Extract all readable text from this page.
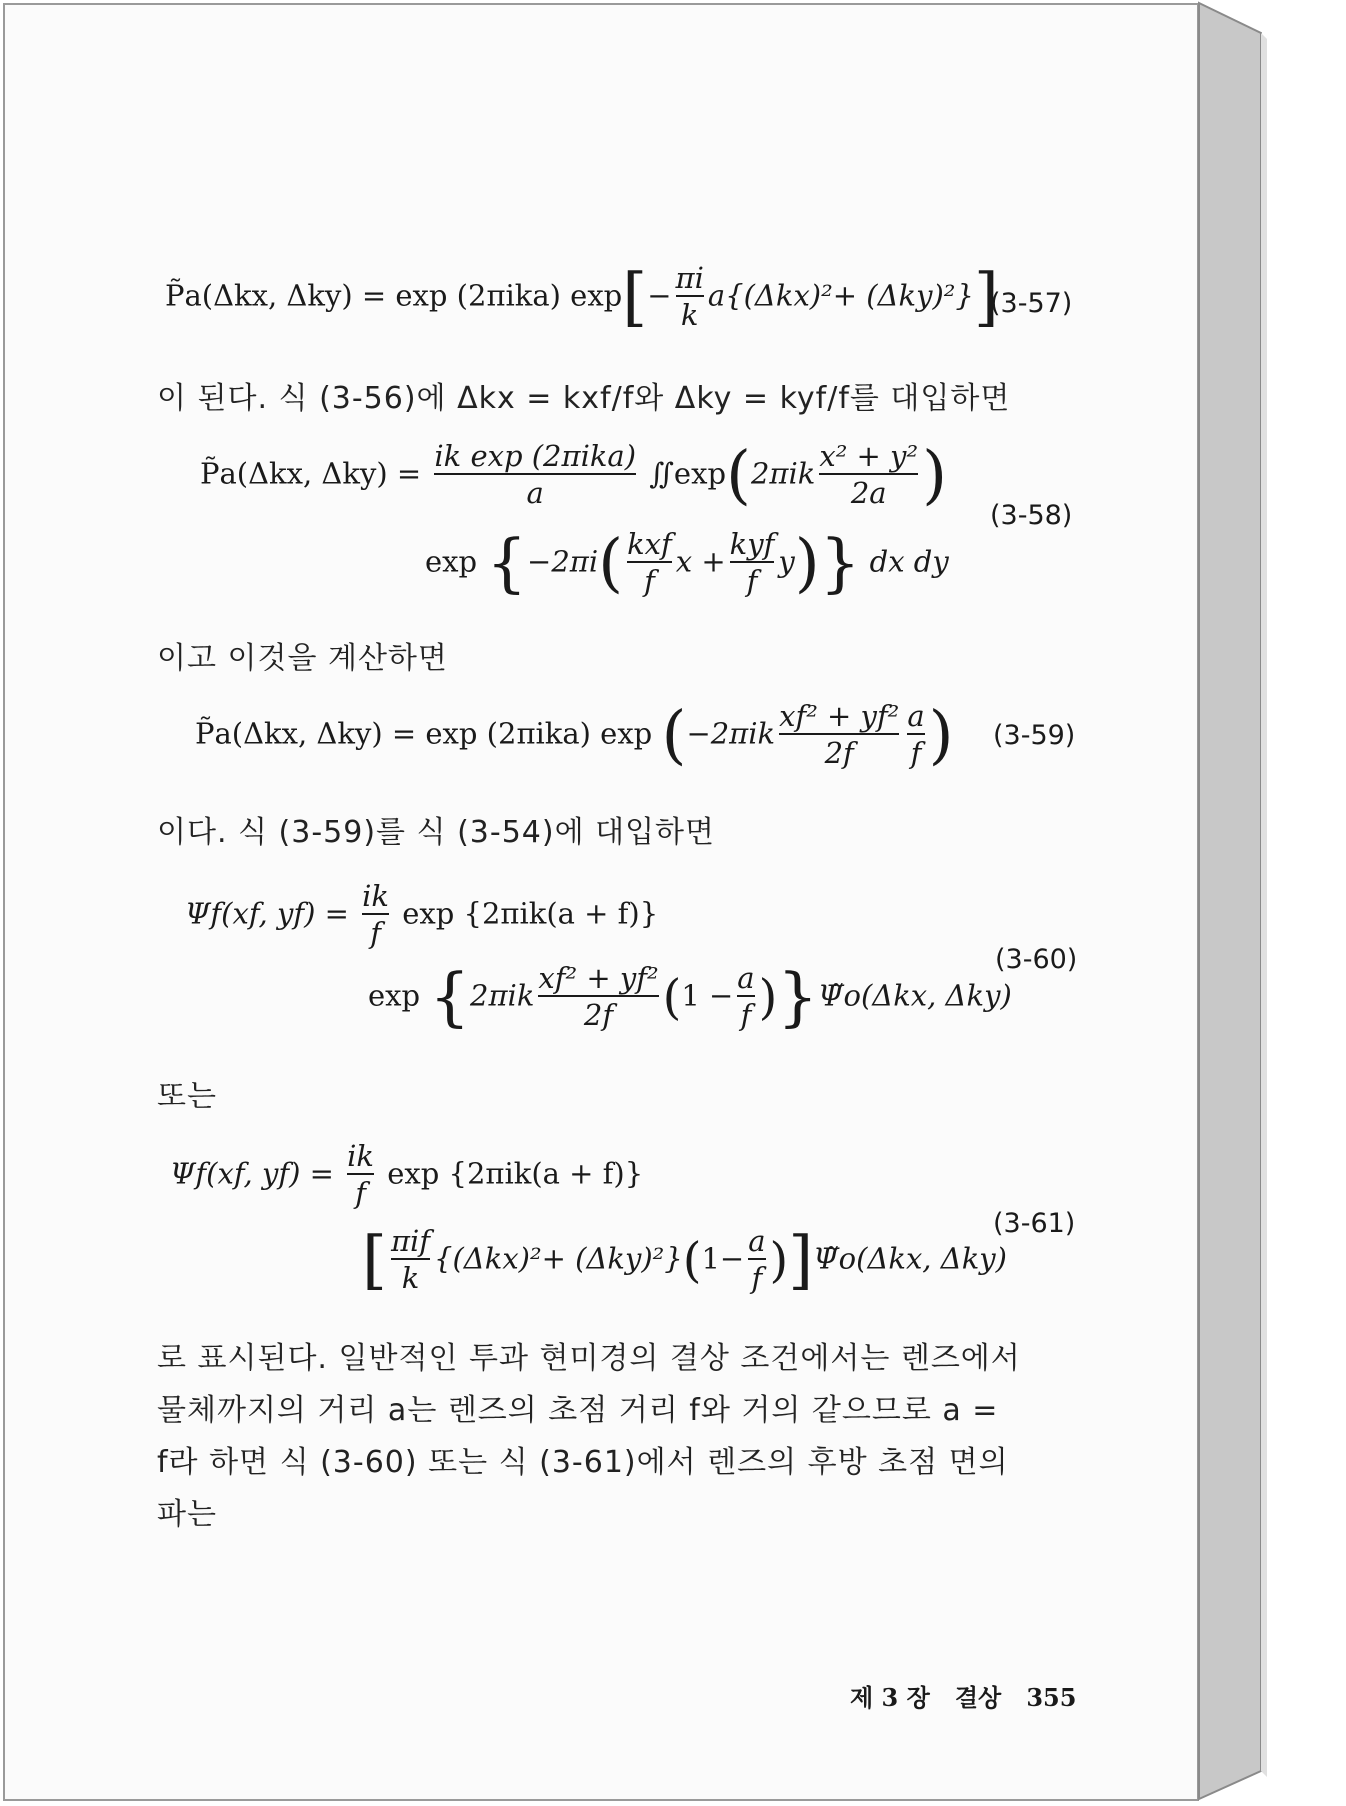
P̃a(Δkx, Δky) = exp (2πika) $\exp[- \frac{\pi i}{k} a\{(\Delta kx)^2+ (\Delta ky)^2\}]$
(3-57)
이 된다. 식 (3-56)에 Δkx = kxf/f와 Δky = kyf/f를 대입하면
P̃a(Δkx, $\Delta ky) = \frac{\text{ik exp (2πika)}}{a}$ ∬exp(2πik $\frac{\text{x² + y²}}{2a}$ )
$\exp \{-2\pi i( \frac{\text{kxf}}{f}$ $x + \frac{\text{kyf}}{f} y$)} dx dy
(3-58)
이고 이것을 계산하면
P̃a(Δkx, Δky) = exp (2πika) $\exp (-2\pi ik \frac{\text{xf² + yf²}}{2f} \frac{a}{f}$ ) (3-59)
이다. 식 (3-59)를 식 (3-54)에 대입하면
Ψf(xf, $yf) = \frac{ik}{f}$ exp {2πik(a + f)}
$\exp \{2\pi ik \frac{\text{xf² + yf²}}{2f} (1 - \frac{a}{f}$ )}Ψ̃o(Δkx, Δky)
(3-60)
또는
Ψf(xf, $yf) = \frac{ik}{f}$ exp {2πik(a + f)}
[ $\frac{\text{πif}}{k} \{(\Delta kx)^2+ (\Delta ky)^2\}(1- \frac{a}{f}$ )]Ψ̃o(Δkx, Δky)
(3-61)
로 표시된다. 일반적인 투과 현미경의 결상 조건에서는 렌즈에서
물체까지의 거리 a는 렌즈의 초점 거리 f와 거의 같으므로 a =
f라 하면 식 (3-60) 또는 식 (3-61)에서 렌즈의 후방 초점 면의
파는
제 3 장 결상 355
